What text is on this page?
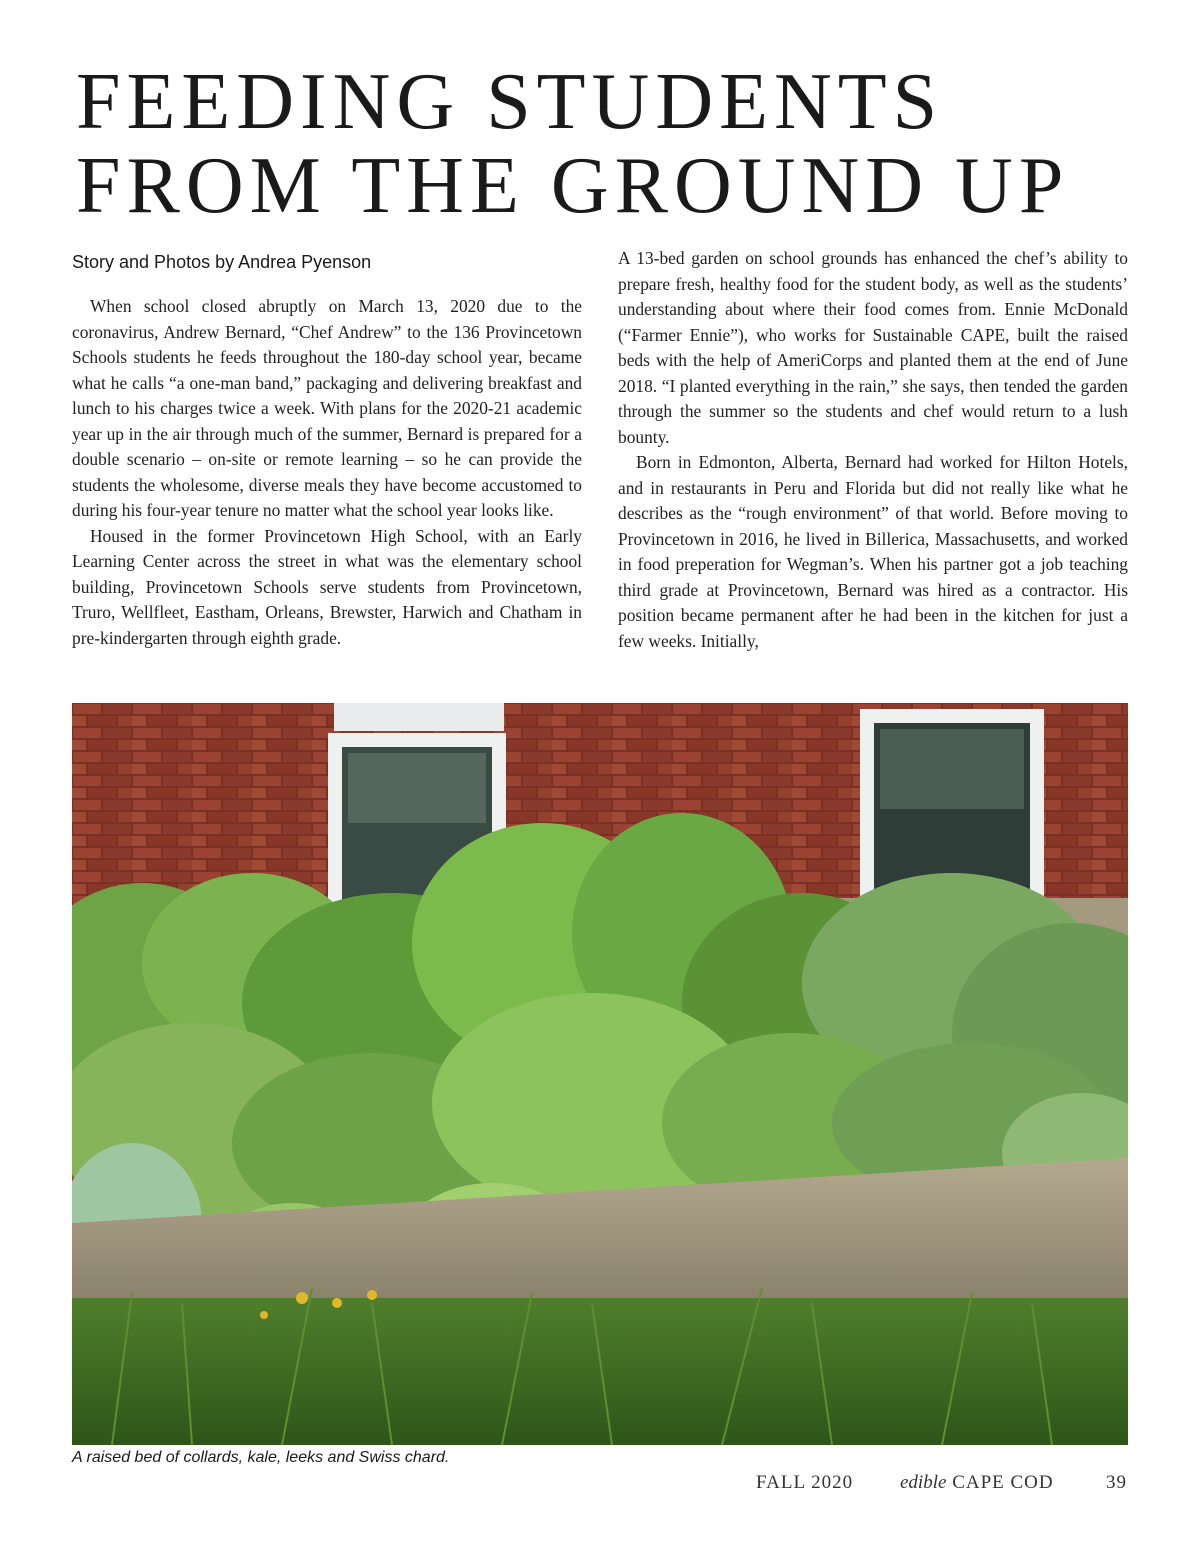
FEEDING STUDENTS
FROM THE GROUND UP
Story and Photos by Andrea Pyenson

When school closed abruptly on March 13, 2020 due to the coronavirus, Andrew Bernard, “Chef Andrew” to the 136 Provincetown Schools students he feeds throughout the 180-day school year, became what he calls “a one-man band,” packaging and delivering breakfast and lunch to his charges twice a week. With plans for the 2020-21 academic year up in the air through much of the summer, Bernard is prepared for a double scenario – on-site or remote learning – so he can provide the students the wholesome, diverse meals they have become accustomed to during his four-year tenure no matter what the school year looks like.

Housed in the former Provincetown High School, with an Early Learning Center across the street in what was the elementary school building, Provincetown Schools serve students from Provincetown, Truro, Wellfleet, Eastham, Orleans, Brewster, Harwich and Chatham in pre-kindergarten through eighth grade.

A 13-bed garden on school grounds has enhanced the chef’s ability to prepare fresh, healthy food for the student body, as well as the students’ understanding about where their food comes from. Ennie McDonald (“Farmer Ennie”), who works for Sustainable CAPE, built the raised beds with the help of AmeriCorps and planted them at the end of June 2018. “I planted everything in the rain,” she says, then tended the garden through the summer so the students and chef would return to a lush bounty.

Born in Edmonton, Alberta, Bernard had worked for Hilton Hotels, and in restaurants in Peru and Florida but did not really like what he describes as the “rough environment” of that world. Before moving to Provincetown in 2016, he lived in Billerica, Massachusetts, and worked in food preperation for Wegman’s. When his partner got a job teaching third grade at Provincetown, Bernard was hired as a contractor. His position became permanent after he had been in the kitchen for just a few weeks. Initially,

A raised bed of collards, kale, leeks and Swiss chard.
FALL 2020 edible CAPE COD	39
